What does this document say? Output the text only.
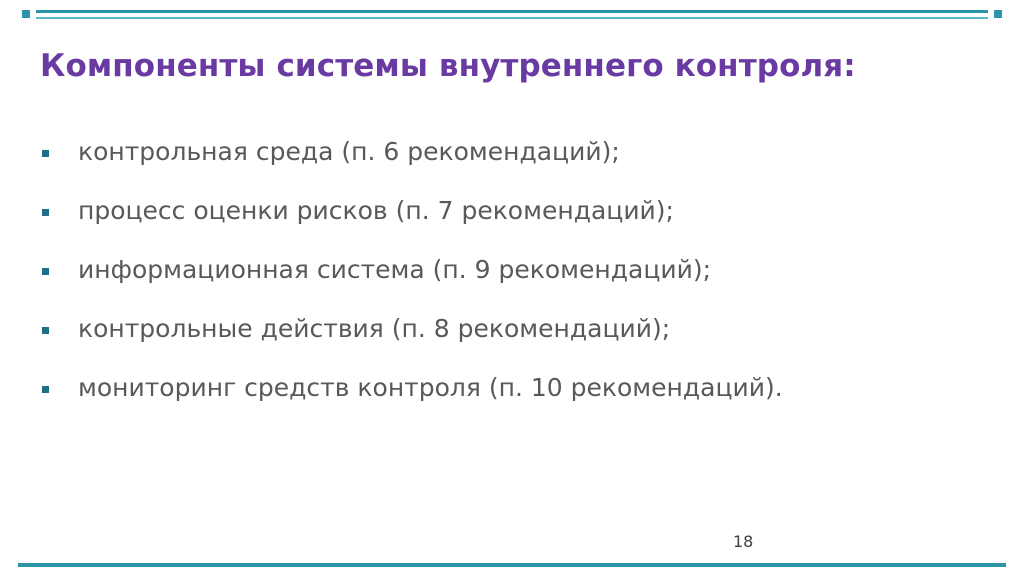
Компоненты системы внутреннего контроля:
контрольная среда (п. 6 рекомендаций);
процесс оценки рисков (п. 7 рекомендаций);
информационная система (п. 9 рекомендаций);
контрольные действия (п. 8 рекомендаций);
мониторинг средств контроля (п. 10 рекомендаций).
18
